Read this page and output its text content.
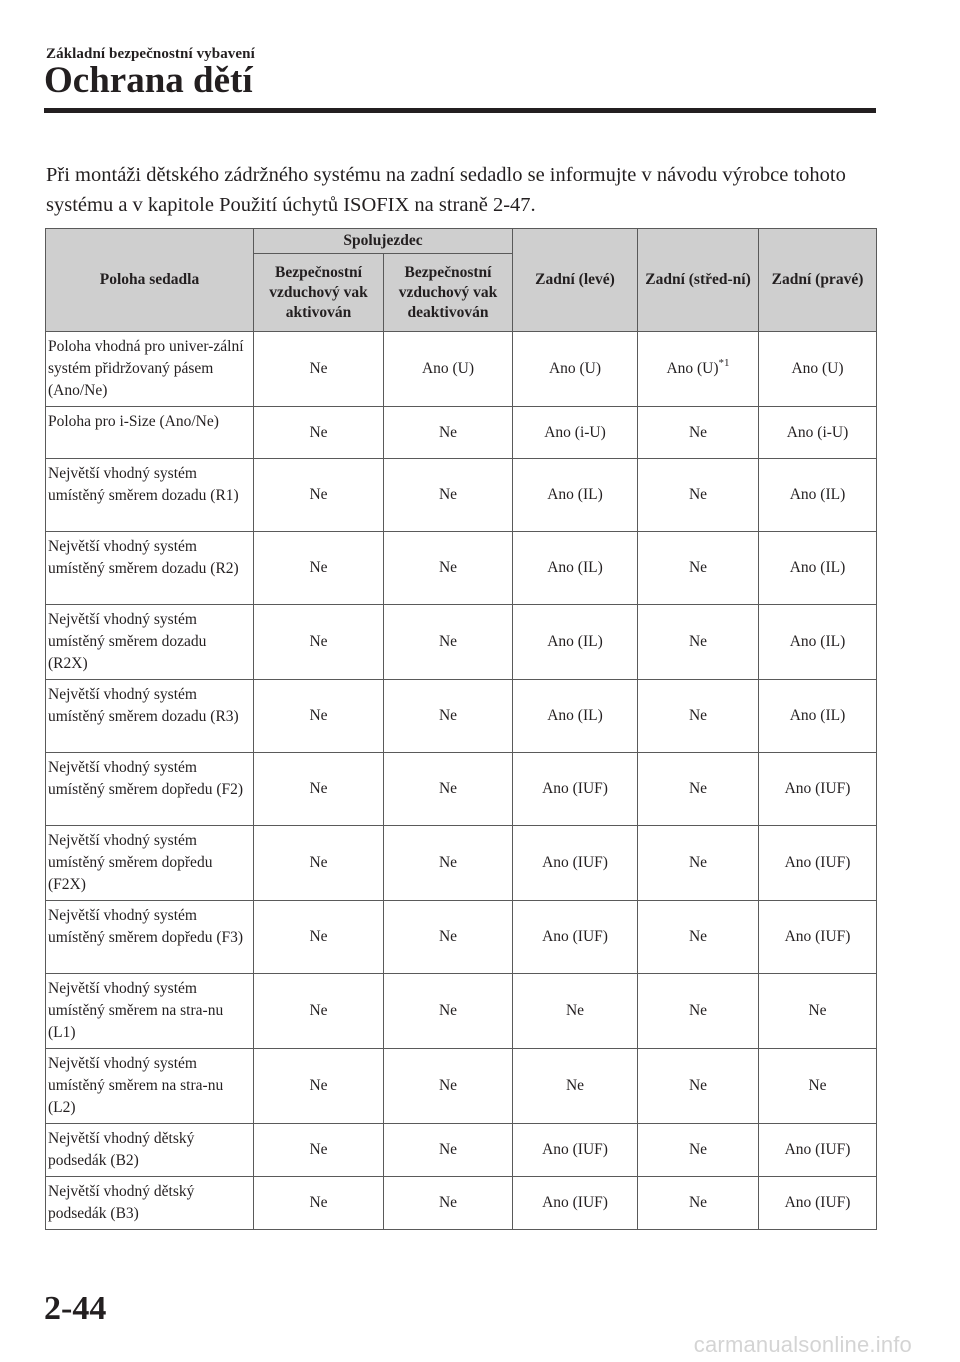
Základní bezpečnostní vybavení
Ochrana dětí

Při montáži dětského zádržného systému na zadní sedadlo se informujte v návodu výrobce tohoto systému a v kapitole Použití úchytů ISOFIX na straně 2-47.

Poloha sedadla	Spolujezdec		Zadní (levé)	Zadní (střed-ní)	Zadní (pravé)
	Bezpečnostní vzduchový vak aktivován	Bezpečnostní vzduchový vak deaktivován			
Poloha vhodná pro univer-zální systém přidržovaný pásem (Ano/Ne)	Ne	Ano (U)	Ano (U)	Ano $(U)^{*1}$	Ano (U)
Poloha pro i-Size (Ano/Ne)	Ne	Ne	Ano (i-U)	Ne	Ano (i-U)
Největší vhodný systém umístěný směrem dozadu (R1)	Ne	Ne	Ano (IL)	Ne	Ano (IL)
Největší vhodný systém umístěný směrem dozadu (R2)	Ne	Ne	Ano (IL)	Ne	Ano (IL)
Největší vhodný systém umístěný směrem dozadu (R2X)	Ne	Ne	Ano (IL)	Ne	Ano (IL)
Největší vhodný systém umístěný směrem dozadu (R3)	Ne	Ne	Ano (IL)	Ne	Ano (IL)
Největší vhodný systém umístěný směrem dopředu (F2)	Ne	Ne	Ano (IUF)	Ne	Ano (IUF)
Největší vhodný systém umístěný směrem dopředu (F2X)	Ne	Ne	Ano (IUF)	Ne	Ano (IUF)
Největší vhodný systém umístěný směrem dopředu (F3)	Ne	Ne	Ano (IUF)	Ne	Ano (IUF)
Největší vhodný systém umístěný směrem na stra-nu (L1)	Ne	Ne	Ne	Ne	Ne
Největší vhodný systém umístěný směrem na stra-nu (L2)	Ne	Ne	Ne	Ne	Ne
Největší vhodný dětský podsedák (B2)	Ne	Ne	Ano (IUF)	Ne	Ano (IUF)
Největší vhodný dětský podsedák (B3)	Ne	Ne	Ano (IUF)	Ne	Ano (IUF)
2-44
carmanualsonline.info
